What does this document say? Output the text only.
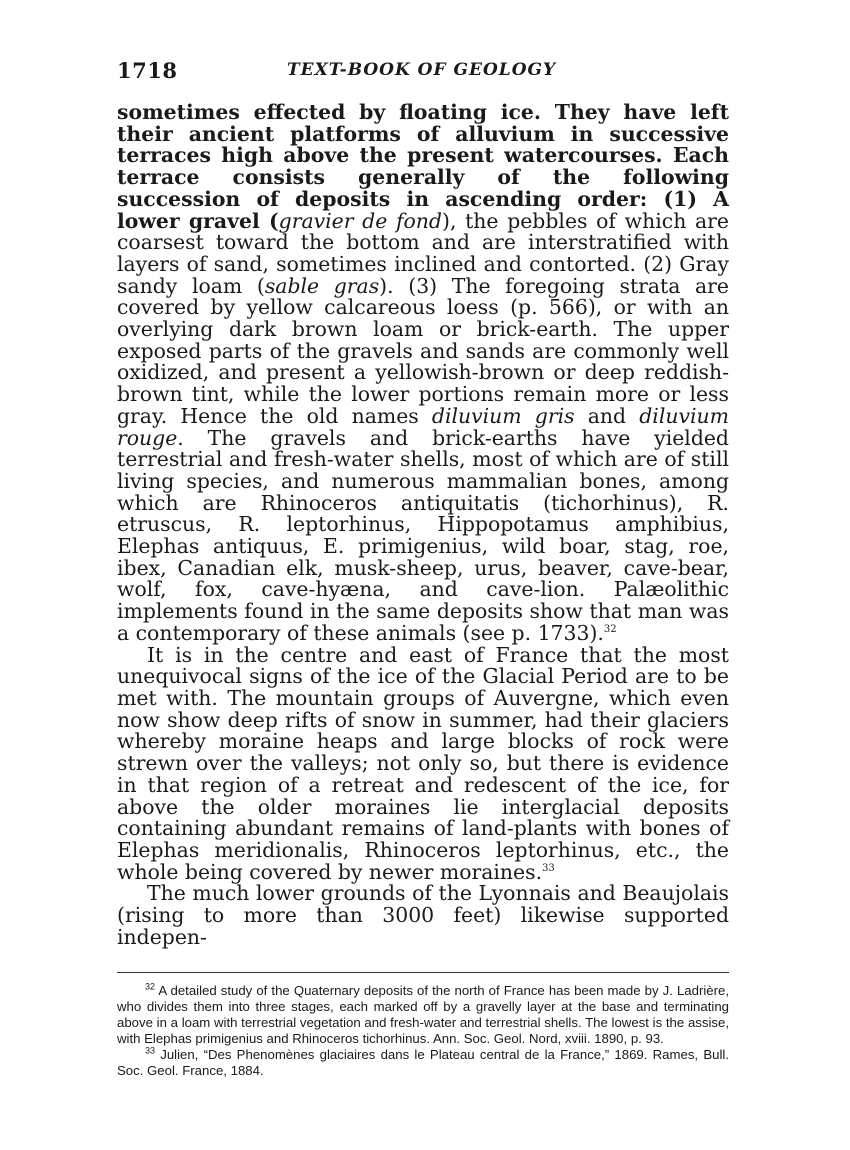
1718	TEXT-BOOK OF GEOLOGY

sometimes effected by floating ice. They have left their ancient platforms of alluvium in successive terraces high above the present watercourses. Each terrace consists generally of the following succession of deposits in ascending order: (1) A lower gravel (gravier de fond), the pebbles of which are coarsest toward the bottom and are interstratified with layers of sand, sometimes inclined and contorted. (2) Gray sandy loam (sable gras). (3) The foregoing strata are covered by yellow calcareous loess (p. 566), or with an overlying dark brown loam or brick-earth. The upper exposed parts of the gravels and sands are commonly well oxidized, and present a yellowish-brown or deep reddish-brown tint, while the lower portions remain more or less gray. Hence the old names diluvium gris and diluvium rouge. The gravels and brick-earths have yielded terrestrial and fresh-water shells, most of which are of still living species, and numerous mammalian bones, among which are Rhinoceros antiquitatis (tichorhinus), R. etruscus, R. leptorhinus, Hippopotamus amphibius, Elephas antiquus, E. primigenius, wild boar, stag, roe, ibex, Canadian elk, musk-sheep, urus, beaver, cave-bear, wolf, fox, cave-hyæna, and cave-lion. Palæolithic implements found in the same deposits show that man was a contemporary of these animals (see p. 1733).$^{32}$

It is in the centre and east of France that the most unequivocal signs of the ice of the Glacial Period are to be met with. The mountain groups of Auvergne, which even now show deep rifts of snow in summer, had their glaciers whereby moraine heaps and large blocks of rock were strewn over the valleys; not only so, but there is evidence in that region of a retreat and redescent of the ice, for above the older moraines lie interglacial deposits containing abundant remains of land-plants with bones of Elephas meridionalis, Rhinoceros leptorhinus, etc., the whole being covered by newer moraines.$^{33}$

The much lower grounds of the Lyonnais and Beaujolais (rising to more than 3000 feet) likewise supported indepen-

$^{32}$ A detailed study of the Quaternary deposits of the north of France has been made by J. Ladrière, who divides them into three stages, each marked off by a gravelly layer at the base and terminating above in a loam with terrestrial vegetation and fresh-water and terrestrial shells. The lowest is the assise, with Elephas primigenius and Rhinoceros tichorhinus. Ann. Soc. Geol. Nord, xviii. 1890, p. 93.

$^{33}$ Julien, “Des Phenomènes glaciaires dans le Plateau central de la France,” 1869. Rames, Bull. Soc. Geol. France, 1884.
